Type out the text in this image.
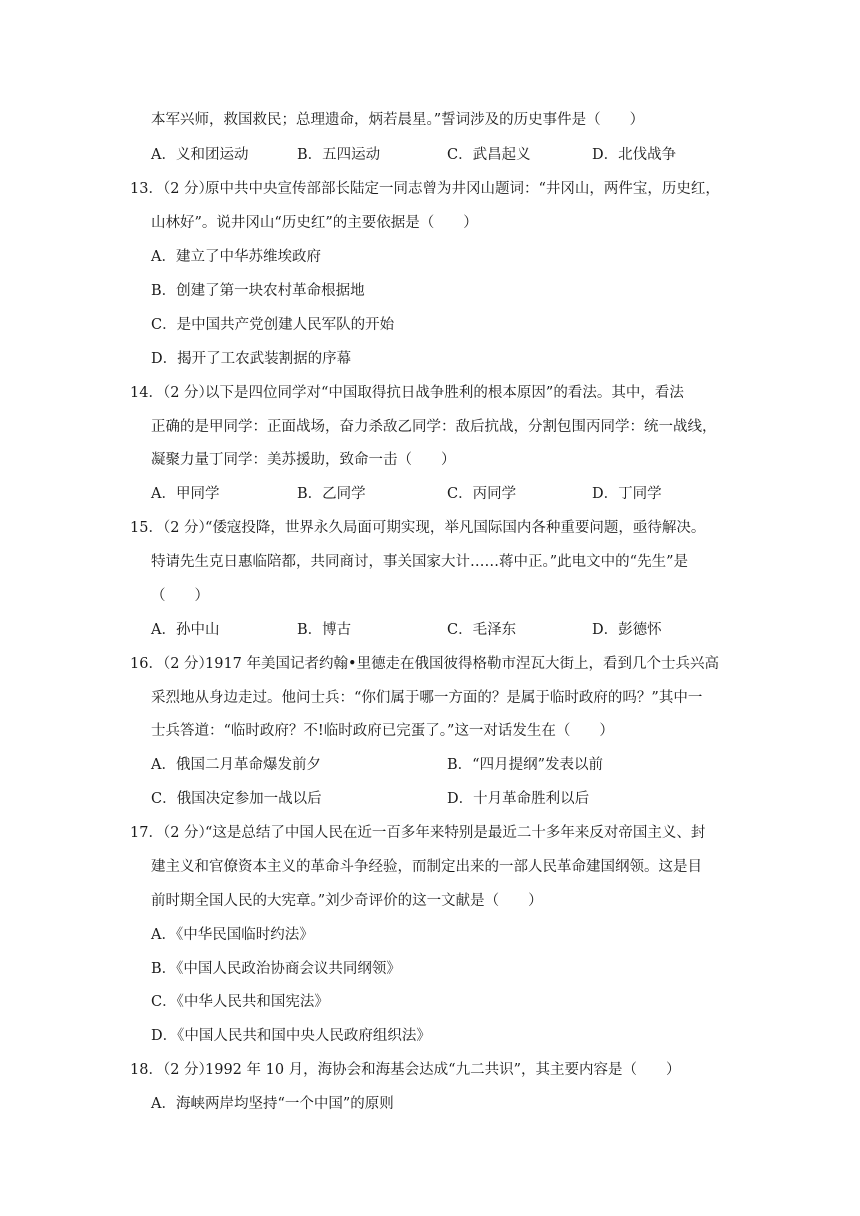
本军兴师，救国救民；总理遗命，炳若晨星。”誓词涉及的历史事件是（　　）
A．义和团运动	B．五四运动	C．武昌起义	D．北伐战争
13．（2 分）
原中共中央宣传部部长陆定一同志曾为井冈山题词：“井冈山，两件宝，历史红，
山林好”。说井冈山“历史红”的主要依据是（　　）
A．建立了中华苏维埃政府
B．创建了第一块农村革命根据地
C．是中国共产党创建人民军队的开始
D．揭开了工农武装割据的序幕
14．（2 分）
以下是四位同学对“中国取得抗日战争胜利的根本原因”的看法。其中，看法
正确的是甲同学：正面战场，奋力杀敌乙同学：敌后抗战，分割包围丙同学：统一战线，
凝聚力量丁同学：美苏援助，致命一击（　　）
A．甲同学	B．乙同学	C．丙同学	D．丁同学
15．（2 分）
“倭寇投降，世界永久局面可期实现，举凡国际国内各种重要问题，亟待解决。
特请先生克日惠临陪都，共同商讨，事关国家大计……蒋中正。”此电文中的“先生”是
（　　）
A．孙中山	B．博古	C．毛泽东	D．彭德怀
16．（2 分）
1917 年美国记者约翰•里德走在俄国彼得格勒市涅瓦大街上，看到几个士兵兴高
采烈地从身边走过。他问士兵：“你们属于哪一方面的？是属于临时政府的吗？”其中一
士兵答道：“临时政府？不!临时政府已完蛋了。”这一对话发生在（　　）
A．俄国二月革命爆发前夕	B．“四月提纲”发表以前
C．俄国决定参加一战以后	D．十月革命胜利以后
17．（2 分）
“这是总结了中国人民在近一百多年来特别是最近二十多年来反对帝国主义、封
建主义和官僚资本主义的革命斗争经验，而制定出来的一部人民革命建国纲领。这是目
前时期全国人民的大宪章。”刘少奇评价的这一文献是（　　）
A．《中华民国临时约法》
B．《中国人民政治协商会议共同纲领》
C．《中华人民共和国宪法》
D．《中国人民共和国中央人民政府组织法》
18．（2 分）
1992 年 10 月，海协会和海基会达成“九二共识”，其主要内容是（　　）
A．海峡两岸均坚持“一个中国”的原则
